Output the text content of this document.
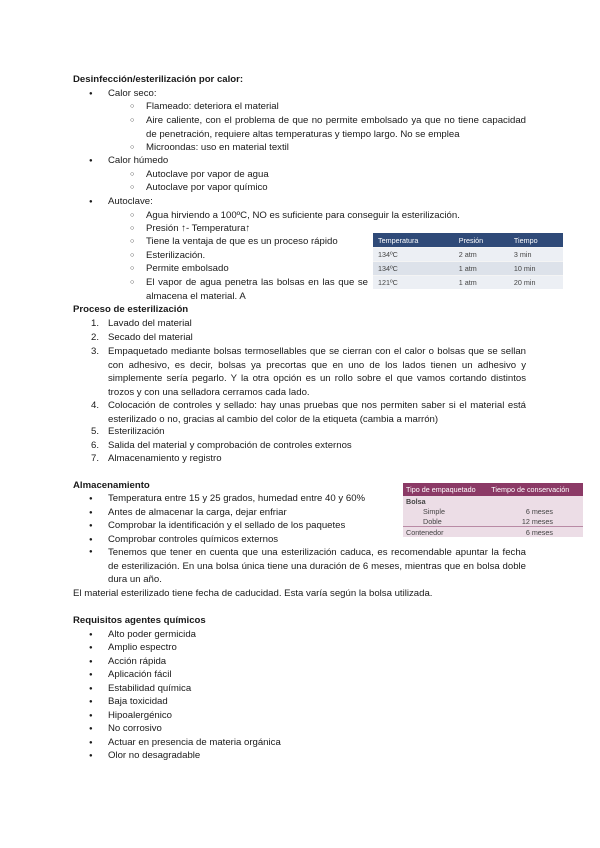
Desinfección/esterilización por calor:
● Calor seco:
○ Flameado: deteriora el material
○ Aire caliente, con el problema de que no permite embolsado ya que no tiene capacidad de penetración, requiere altas temperaturas y tiempo largo. No se emplea
○ Microondas: uso en material textil
● Calor húmedo
○ Autoclave por vapor de agua
○ Autoclave por vapor químico
● Autoclave:
○ Agua hirviendo a 100ºC, NO es suficiente para conseguir la esterilización.
○ Presión ↑- Temperatura↑
○ Tiene la ventaja de que es un proceso rápido
○ Esterilización.
○ Permite embolsado
○ El vapor de agua penetra las bolsas en las que se almacena el material. A
Temperatura	Presión	Tiempo
134ºC	2 atm	3 min
134ºC	1 atm	10 min
121ºC	1 atm	20 min
Proceso de esterilización
1. Lavado del material
2. Secado del material
3. Empaquetado mediante bolsas termosellables que se cierran con el calor o bolsas que se sellan con adhesivo, es decir, bolsas ya precortas que en uno de los lados tienen un adhesivo y simplemente sería pegarlo. Y la otra opción es un rollo sobre el que vamos cortando distintos trozos y con una selladora cerramos cada lado.
4. Colocación de controles y sellado: hay unas pruebas que nos permiten saber si el material está esterilizado o no, gracias al cambio del color de la etiqueta (cambia a marrón)
5. Esterilización
6. Salida del material y comprobación de controles externos
7. Almacenamiento y registro
Almacenamiento
● Temperatura entre 15 y 25 grados, humedad entre 40 y 60%
● Antes de almacenar la carga, dejar enfriar
● Comprobar la identificación y el sellado de los paquetes
● Comprobar controles químicos externos
● Tenemos que tener en cuenta que una esterilización caduca, es recomendable apuntar la fecha de esterilización. En una bolsa única tiene una duración de 6 meses, mientras que en bolsa doble dura un año.
El material esterilizado tiene fecha de caducidad. Esta varía según la bolsa utilizada.
Tipo de empaquetado	Tiempo de conservación
Bolsa	
Simple	6 meses
Doble	12 meses
Contenedor	6 meses
Requisitos agentes químicos
● Alto poder germicida
● Amplio espectro
● Acción rápida
● Aplicación fácil
● Estabilidad química
● Baja toxicidad
● Hipoalergénico
● No corrosivo
● Actuar en presencia de materia orgánica
● Olor no desagradable
